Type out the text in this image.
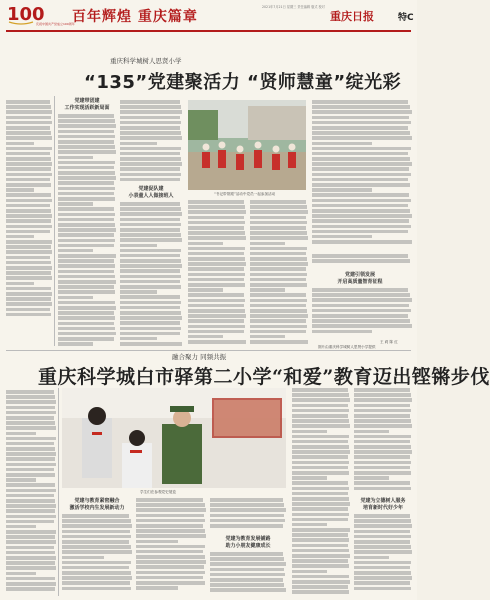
100
庆祝中国共产党成立100周年
百年辉煌 重庆篇章
2021年7月21日 星期三 责任编辑 版式 校对
重庆日报	特C
重庆科学城树人思贤小学
“135”党建聚活力 “贤师慧童”绽光彩
党建带团建
工作实现活跃新局面
党建促队建
小表童人人做接班人	“书记带领跟”活动中党员一起参加活动
党建引领发展
开启高质量智育征程
王 莉 陈 红
图片由重庆科学城树人思贤小学提供
融合聚力 同频共振
重庆科学城白市驿第二小学“和爱”教育迈出铿锵步伐
学生们在参观党史展览
党建与教育紧密融合
激活学校内生发展新动力
党建为教育发展铺路
助力小朋友健康成长
党建为立德树人服务
培育新时代好少年
